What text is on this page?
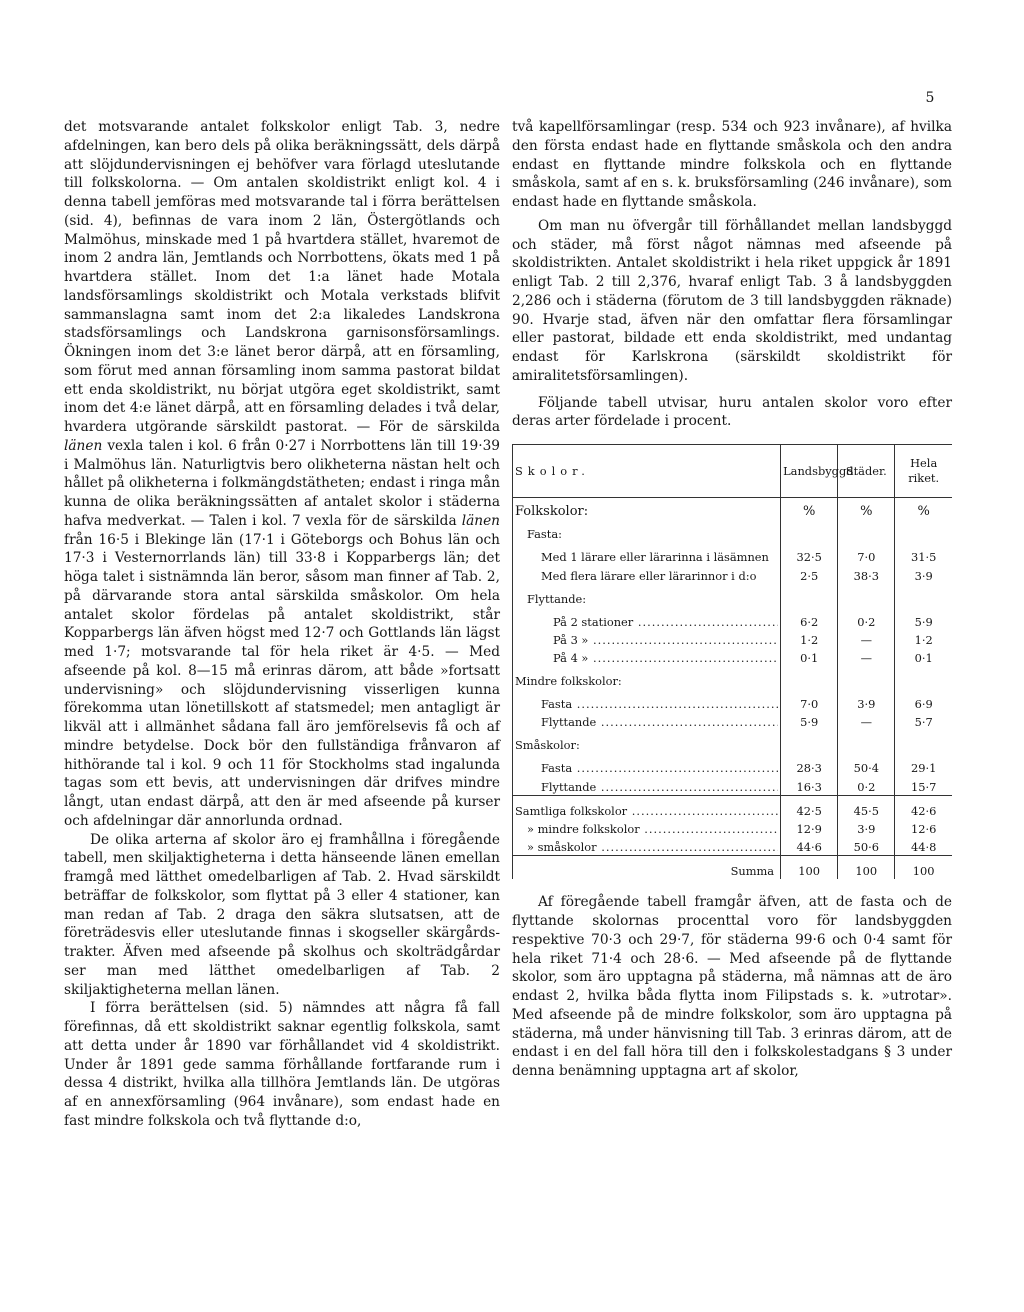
5

det motsvarande antalet folkskolor enligt Tab. 3, nedre afdelningen, kan bero dels på olika beräkningssätt, dels därpå att slöjdundervisningen ej behöfver vara förlagd uteslutande till folkskolorna. — Om antalen skoldistrikt enligt kol. 4 i denna tabell jemföras med motsvarande tal i förra berättelsen (sid. 4), befinnas de vara inom 2 län, Östergötlands och Malmöhus, minskade med 1 på hvartdera stället, hvaremot de inom 2 andra län, Jemtlands och Norrbottens, ökats med 1 på hvartdera stället. Inom det 1:a länet hade Motala landsförsamlings skoldistrikt och Motala verkstads blifvit sammanslagna samt inom det 2:a likaledes Landskrona stadsförsamlings och Landskrona garnisonsförsamlings. Ökningen inom det 3:e länet beror därpå, att en församling, som förut med annan församling inom samma pastorat bildat ett enda skoldistrikt, nu börjat utgöra eget skoldistrikt, samt inom det 4:e länet därpå, att en församling delades i två delar, hvardera utgörande särskildt pastorat. — För de särskilda länen vexla talen i kol. 6 från 0·27 i Norrbottens län till 19·39 i Malmöhus län. Naturligtvis bero olikheterna nästan helt och hållet på olikheterna i folkmängdstätheten; endast i ringa mån kunna de olika beräkningssätten af antalet skolor i städerna hafva medverkat. — Talen i kol. 7 vexla för de särskilda länen från 16·5 i Blekinge län (17·1 i Göteborgs och Bohus län och 17·3 i Vesternorrlands län) till 33·8 i Kopparbergs län; det höga talet i sistnämnda län beror, såsom man finner af Tab. 2, på därvarande stora antal särskilda småskolor. Om hela antalet skolor fördelas på antalet skoldistrikt, står Kopparbergs län äfven högst med 12·7 och Gottlands län lägst med 1·7; motsvarande tal för hela riket är 4·5. — Med afseende på kol. 8—15 må erinras därom, att både »fortsatt undervisning» och slöjdundervisning visserligen kunna förekomma utan lönetillskott af statsmedel; men antagligt är likväl att i allmänhet sådana fall äro jemförelsevis få och af mindre betydelse. Dock bör den fullständiga frånvaron af hithörande tal i kol. 9 och 11 för Stockholms stad ingalunda tagas som ett bevis, att undervisningen där drifves mindre långt, utan endast därpå, att den är med afseende på kurser och afdelningar där annorlunda ordnad.

De olika arterna af skolor äro ej framhållna i föregående tabell, men skiljaktigheterna i detta hänseende länen emellan framgå med lätthet omedelbarligen af Tab. 2. Hvad särskildt beträffar de folkskolor, som flyttat på 3 eller 4 stationer, kan man redan af Tab. 2 draga den säkra slutsatsen, att de företrädesvis eller uteslutande finnas i skogseller skärgårds-trakter. Äfven med afseende på skolhus och skolträdgårdar ser man med lätthet omedelbarligen af Tab. 2 skiljaktigheterna mellan länen.

I förra berättelsen (sid. 5) nämndes att några få fall förefinnas, då ett skoldistrikt saknar egentlig folkskola, samt att detta under år 1890 var förhållandet vid 4 skoldistrikt. Under år 1891 gede samma förhållande fortfarande rum i dessa 4 distrikt, hvilka alla tillhöra Jemtlands län. De utgöras af en annexförsamling (964 invånare), som endast hade en fast mindre folkskola och två flyttande d:o,

två kapellförsamlingar (resp. 534 och 923 invånare), af hvilka den första endast hade en flyttande småskola och den andra endast en flyttande mindre folkskola och en flyttande småskola, samt af en s. k. bruksförsamling (246 invånare), som endast hade en flyttande småskola.

Om man nu öfvergår till förhållandet mellan landsbyggd och städer, må först något nämnas med afseende på skoldistrikten. Antalet skoldistrikt i hela riket uppgick år 1891 enligt Tab. 2 till 2,376, hvaraf enligt Tab. 3 å landsbyggden 2,286 och i städerna (förutom de 3 till landsbyggden räknade) 90. Hvarje stad, äfven när den omfattar flera församlingar eller pastorat, bildade ett enda skoldistrikt, med undantag endast för Karlskrona (särskildt skoldistrikt för amiralitetsförsamlingen).

Följande tabell utvisar, huru antalen skolor voro efter deras arter fördelade i procent.

Skolor.	Landsbyggd.	Städer.	Hela riket.
Folkskolor:	%	%	%
Fasta:			

Med 1 lärare eller lärarinna i läsämnen	32·5	7·0	31·5

Med flera lärare eller lärarinnor i d:o	2·5	38·3	3·9
Flyttande:			

På 2 stationer .....	6·2	0·2	5·9

På 3 » .....	1·2	—	1·2

På 4 » .....	0·1	—	0·1
Mindre folkskolor:			

Fasta .....	7·0	3·9	6·9

Flyttande .....	5·9	—	5·7
Småskolor:			

Fasta .....	28·3	50·4	29·1

Flyttande .....	16·3	0·2	15·7

Samtliga folkskolor .....	42·5	45·5	42·6

» mindre folkskolor .....	12·9	3·9	12·6

» småskolor .....	44·6	50·6	44·8
Summa	100	100	100

Af föregående tabell framgår äfven, att de fasta och de flyttande skolornas procenttal voro för landsbyggden respektive 70·3 och 29·7, för städerna 99·6 och 0·4 samt för hela riket 71·4 och 28·6. — Med afseende på de flyttande skolor, som äro upptagna på städerna, må nämnas att de äro endast 2, hvilka båda flytta inom Filipstads s. k. »utrotar». Med afseende på de mindre folkskolor, som äro upptagna på städerna, må under hänvisning till Tab. 3 erinras därom, att de endast i en del fall höra till den i folkskolestadgans § 3 under denna benämning upptagna art af skolor,
